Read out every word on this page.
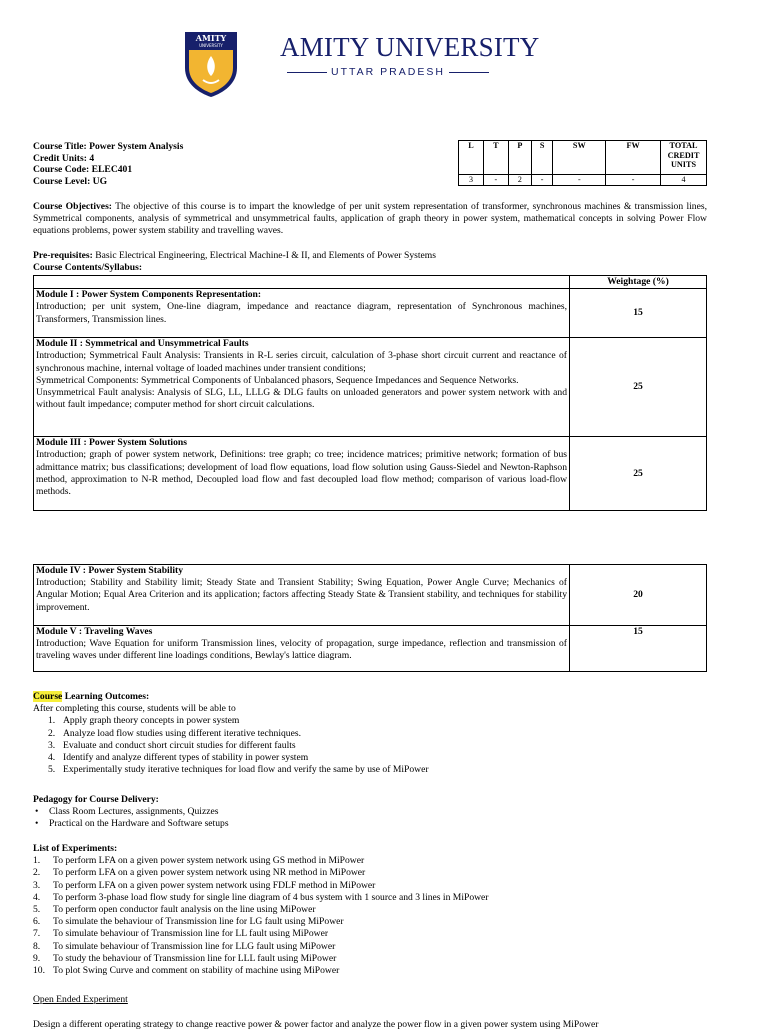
AMITY
UNIVERSITY AMITY UNIVERSITY
UTTAR PRADESH
Course Title: Power System Analysis
Credit Units: 4
Course Code: ELEC401
Course Level: UG
L	T	P	S	SW	FW	TOTAL CREDIT UNITS
3	-	2	-	-	-	4
Course Objectives: The objective of this course is to impart the knowledge of per unit system representation of transformer, synchronous machines & transmission lines, Symmetrical components, analysis of symmetrical and unsymmetrical faults, application of graph theory in power system, mathematical concepts in solving Power Flow equations problems, power system stability and travelling waves.
Pre-requisites: Basic Electrical Engineering, Electrical Machine-I & II, and Elements of Power Systems
Course Contents/Syllabus:
	Weightage (%)

Module I : Power System Components Representation:
Introduction; per unit system, One-line diagram, impedance and reactance diagram, representation of Synchronous machines, Transformers, Transmission lines.	15

Module II : Symmetrical and Unsymmetrical Faults
Introduction; Symmetrical Fault Analysis: Transients in R-L series circuit, calculation of 3-phase short circuit current and reactance of synchronous machine, internal voltage of loaded machines under transient conditions;
Symmetrical Components: Symmetrical Components of Unbalanced phasors, Sequence Impedances and Sequence Networks.
Unsymmetrical Fault analysis: Analysis of SLG, LL, LLLG & DLG faults on unloaded generators and power system network with and without fault impedance; computer method for short circuit calculations.	25

Module III : Power System Solutions
Introduction; graph of power system network, Definitions: tree graph; co tree; incidence matrices; primitive network; formation of bus admittance matrix; bus classifications; development of load flow equations, load flow solution using Gauss-Siedel and Newton-Raphson method, approximation to N-R method, Decoupled load flow and fast decoupled load flow method; comparison of various load-flow methods.	25
Module IV : Power System Stability
Introduction; Stability and Stability limit; Steady State and Transient Stability; Swing Equation, Power Angle Curve; Mechanics of Angular Motion; Equal Area Criterion and its application; factors affecting Steady State & Transient stability, and techniques for stability improvement.	20

Module V : Traveling Waves
Introduction; Wave Equation for uniform Transmission lines, velocity of propagation, surge impedance, reflection and transmission of traveling waves under different line loadings conditions, Bewlay's lattice diagram.	15
Course Learning Outcomes:
After completing this course, students will be able to
1. Apply graph theory concepts in power system
2. Analyze load flow studies using different iterative techniques.
3. Evaluate and conduct short circuit studies for different faults
4. Identify and analyze different types of stability in power system
5. Experimentally study iterative techniques for load flow and verify the same by use of MiPower
Pedagogy for Course Delivery:
• Class Room Lectures, assignments, Quizzes
• Practical on the Hardware and Software setups
List of Experiments:
1. To perform LFA on a given power system network using GS method in MiPower
2. To perform LFA on a given power system network using NR method in MiPower
3. To perform LFA on a given power system network using FDLF method in MiPower
4. To perform 3-phase load flow study for single line diagram of 4 bus system with 1 source and 3 lines in MiPower
5. To perform open conductor fault analysis on the line using MiPower
6. To simulate the behaviour of Transmission line for LG fault using MiPower
7. To simulate behaviour of Transmission line for LL fault using MiPower
8. To simulate behaviour of Transmission line for LLG fault using MiPower
9. To study the behaviour of Transmission line for LLL fault using MiPower
10. To plot Swing Curve and comment on stability of machine using MiPower
Open Ended Experiment
Design a different operating strategy to change reactive power & power factor and analyze the power flow in a given power system using MiPower
